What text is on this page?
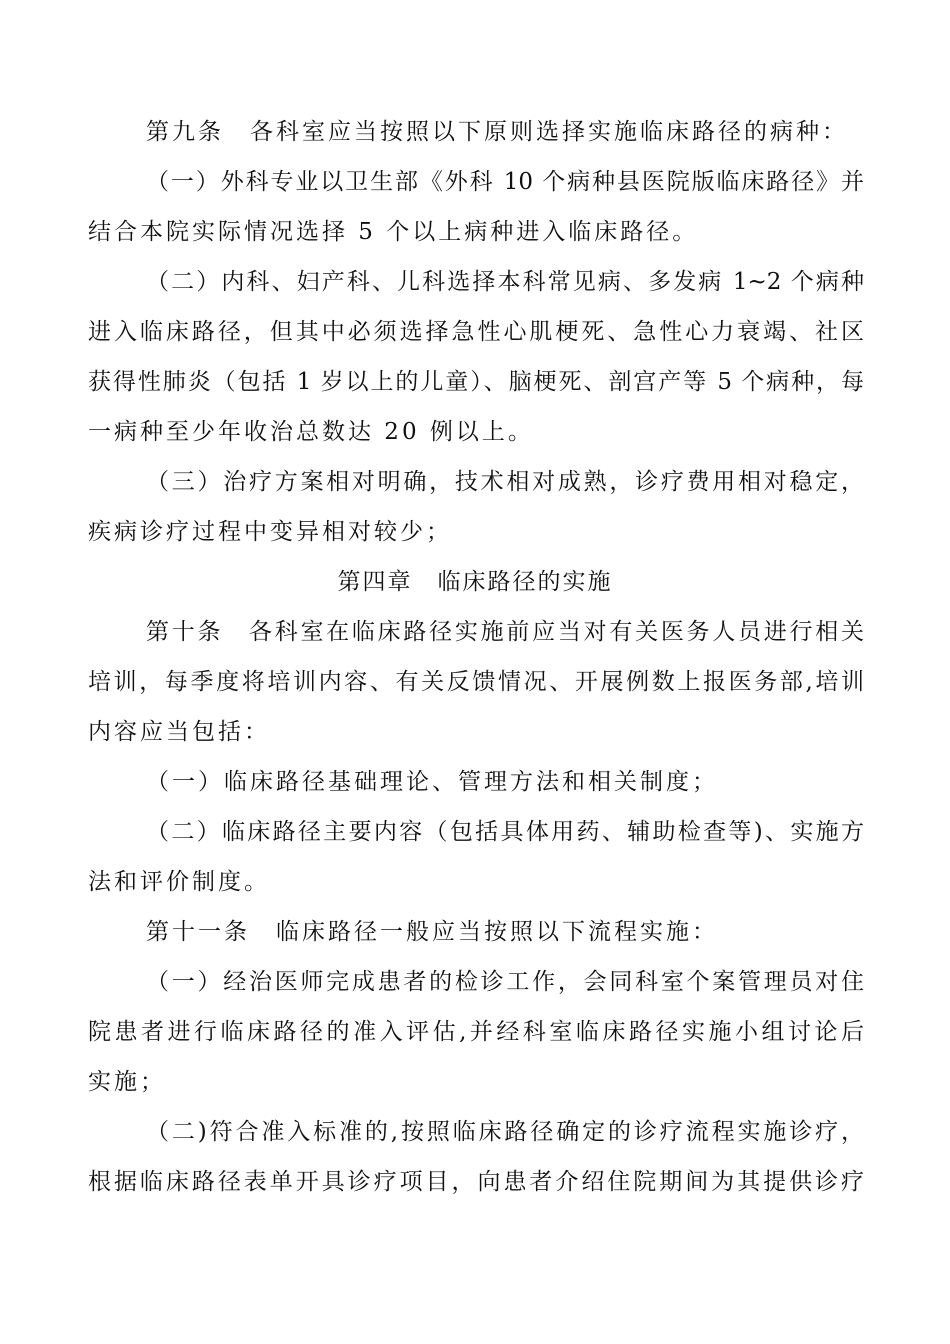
第九条　各科室应当按照以下原则选择实施临床路径的病种：
（一）外科专业以卫生部《外科 10 个病种县医院版临床路径》并
结合本院实际情况选择 5 个以上病种进入临床路径。
（二）内科、妇产科、儿科选择本科常见病、多发病 1~2 个病种
进入临床路径，但其中必须选择急性心肌梗死、急性心力衰竭、社区
获得性肺炎（包括 1 岁以上的儿童）、脑梗死、剖宫产等 5 个病种，每
一病种至少年收治总数达 20 例以上。
（三）治疗方案相对明确，技术相对成熟，诊疗费用相对稳定，
疾病诊疗过程中变异相对较少；
第四章　临床路径的实施
第十条　各科室在临床路径实施前应当对有关医务人员进行相关
培训，每季度将培训内容、有关反馈情况、开展例数上报医务部,培训
内容应当包括：
（一）临床路径基础理论、管理方法和相关制度；
（二）临床路径主要内容（包括具体用药、辅助检查等)、实施方
法和评价制度。
第十一条　临床路径一般应当按照以下流程实施：
（一）经治医师完成患者的检诊工作，会同科室个案管理员对住
院患者进行临床路径的准入评估,并经科室临床路径实施小组讨论后
实施；
（二)符合准入标准的,按照临床路径确定的诊疗流程实施诊疗，
根据临床路径表单开具诊疗项目，向患者介绍住院期间为其提供诊疗
